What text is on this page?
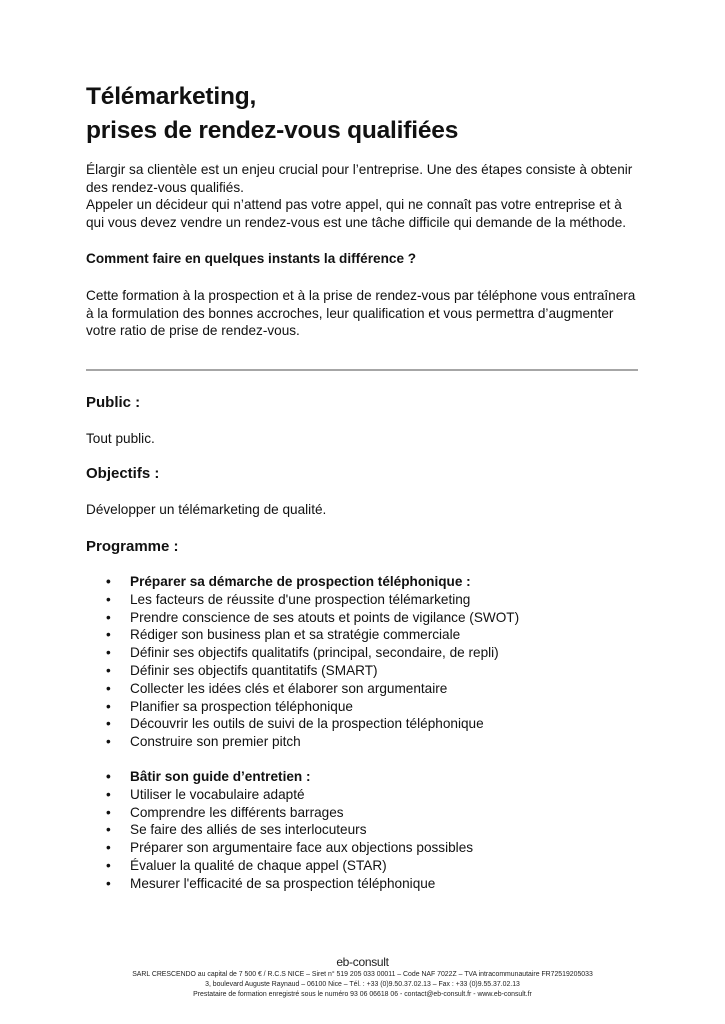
Télémarketing,
prises de rendez-vous qualifiées

Élargir sa clientèle est un enjeu crucial pour l’entreprise. Une des étapes consiste à obtenir des rendez-vous qualifiés.

Appeler un décideur qui n’attend pas votre appel, qui ne connaît pas votre entreprise et à qui vous devez vendre un rendez-vous est une tâche difficile qui demande de la méthode.

Comment faire en quelques instants la différence ?

Cette formation à la prospection et à la prise de rendez-vous par téléphone vous entraînera à la formulation des bonnes accroches, leur qualification et vous permettra d’augmenter votre ratio de prise de rendez-vous.

Public :

Tout public.

Objectifs :

Développer un télémarketing de qualité.

Programme :
• Préparer sa démarche de prospection téléphonique :
• Les facteurs de réussite d'une prospection télémarketing
• Prendre conscience de ses atouts et points de vigilance (SWOT)
• Rédiger son business plan et sa stratégie commerciale
• Définir ses objectifs qualitatifs (principal, secondaire, de repli)
• Définir ses objectifs quantitatifs (SMART)
• Collecter les idées clés et élaborer son argumentaire
• Planifier sa prospection téléphonique
• Découvrir les outils de suivi de la prospection téléphonique
• Construire son premier pitch
• Bâtir son guide d’entretien :
• Utiliser le vocabulaire adapté
• Comprendre les différents barrages
• Se faire des alliés de ses interlocuteurs
• Préparer son argumentaire face aux objections possibles
• Évaluer la qualité de chaque appel (STAR)
• Mesurer l'efficacité de sa prospection téléphonique
eb-consult
SARL CRESCENDO au capital de 7 500 € / R.C.S NICE – Siret n° 519 205 033 00011 – Code NAF 7022Z – TVA intracommunautaire FR72519205033
3, boulevard Auguste Raynaud – 06100 Nice – Tél. : +33 (0)9.50.37.02.13 – Fax : +33 (0)9.55.37.02.13
Prestataire de formation enregistré sous le numéro 93 06 06618 06 - contact@eb-consult.fr - www.eb-consult.fr
